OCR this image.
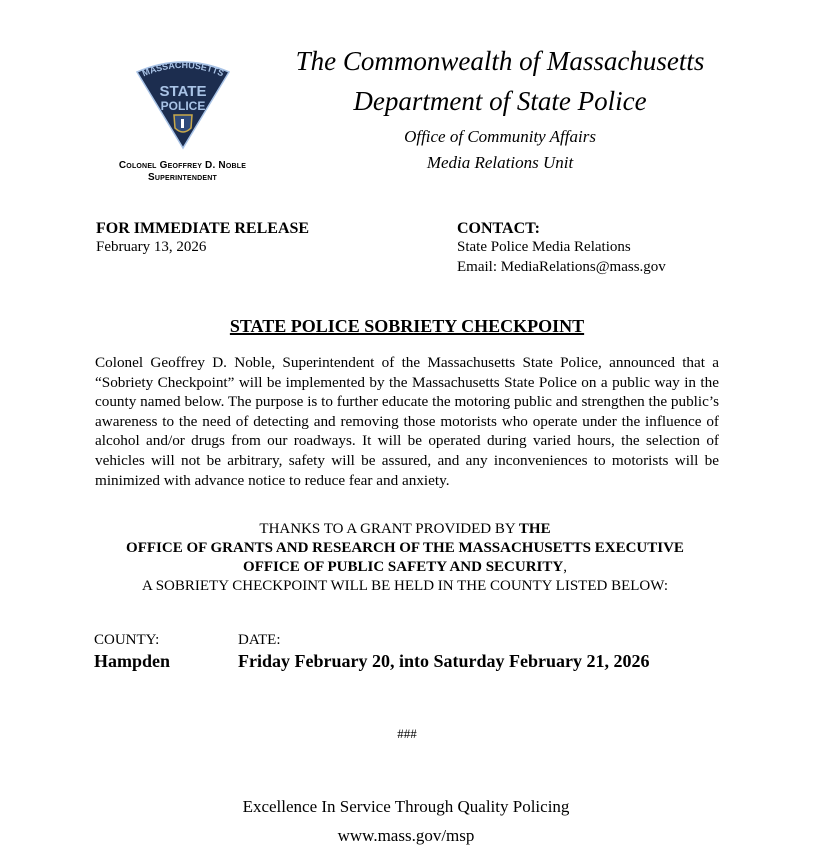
MASSACHUSETTS
STATE
POLICE
Colonel Geoffrey D. Noble
Superintendent
The Commonwealth of Massachusetts
Department of State Police
Office of Community Affairs
Media Relations Unit
FOR IMMEDIATE RELEASE
February 13, 2026
CONTACT:
State Police Media Relations
Email: MediaRelations@mass.gov
STATE POLICE SOBRIETY CHECKPOINT
Colonel Geoffrey D. Noble, Superintendent of the Massachusetts State Police, announced that a “Sobriety Checkpoint” will be implemented by the Massachusetts State Police on a public way in the county named below. The purpose is to further educate the motoring public and strengthen the public’s awareness to the need of detecting and removing those motorists who operate under the influence of alcohol and/or drugs from our roadways. It will be operated during varied hours, the selection of vehicles will not be arbitrary, safety will be assured, and any inconveniences to motorists will be minimized with advance notice to reduce fear and anxiety.
THANKS TO A GRANT PROVIDED BY THE
OFFICE OF GRANTS AND RESEARCH OF THE MASSACHUSETTS EXECUTIVE
OFFICE OF PUBLIC SAFETY AND SECURITY,
A SOBRIETY CHECKPOINT WILL BE HELD IN THE COUNTY LISTED BELOW:
COUNTY:
Hampden
DATE:
Friday February 20, into Saturday February 21, 2026
###
Excellence In Service Through Quality Policing
www.mass.gov/msp
